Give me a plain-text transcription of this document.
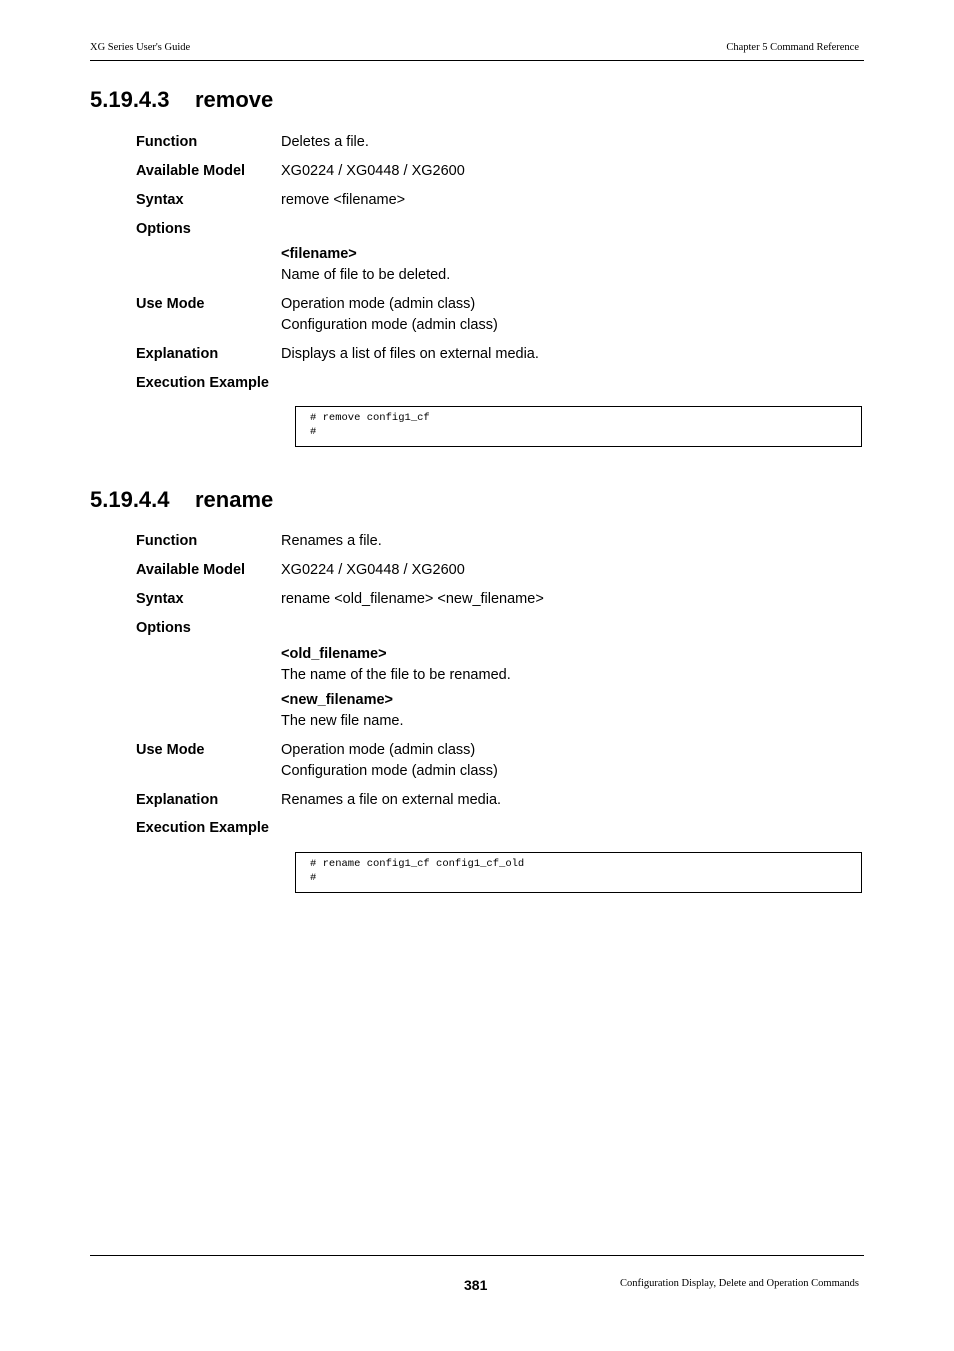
XG Series User's Guide	Chapter 5 Command Reference
5.19.4.3 remove
Function	Deletes a file.
Available Model XG0224 / XG0448 / XG2600
Syntax	remove <filename>
Options
<filename>
Name of file to be deleted.
Use Mode	Operation mode (admin class)
Configuration mode (admin class)
Explanation	Displays a list of files on external media.
Execution Example
# remove config1_cf
#
5.19.4.4 rename
Function	Renames a file.
Available Model XG0224 / XG0448 / XG2600
Syntax	rename <old_filename> <new_filename>
Options
<old_filename>
The name of the file to be renamed.
<new_filename>
The new file name.
Use Mode	Operation mode (admin class)
Configuration mode (admin class)
Explanation	Renames a file on external media.
Execution Example
# rename config1_cf config1_cf_old
#
381	Configuration Display, Delete and Operation Commands
